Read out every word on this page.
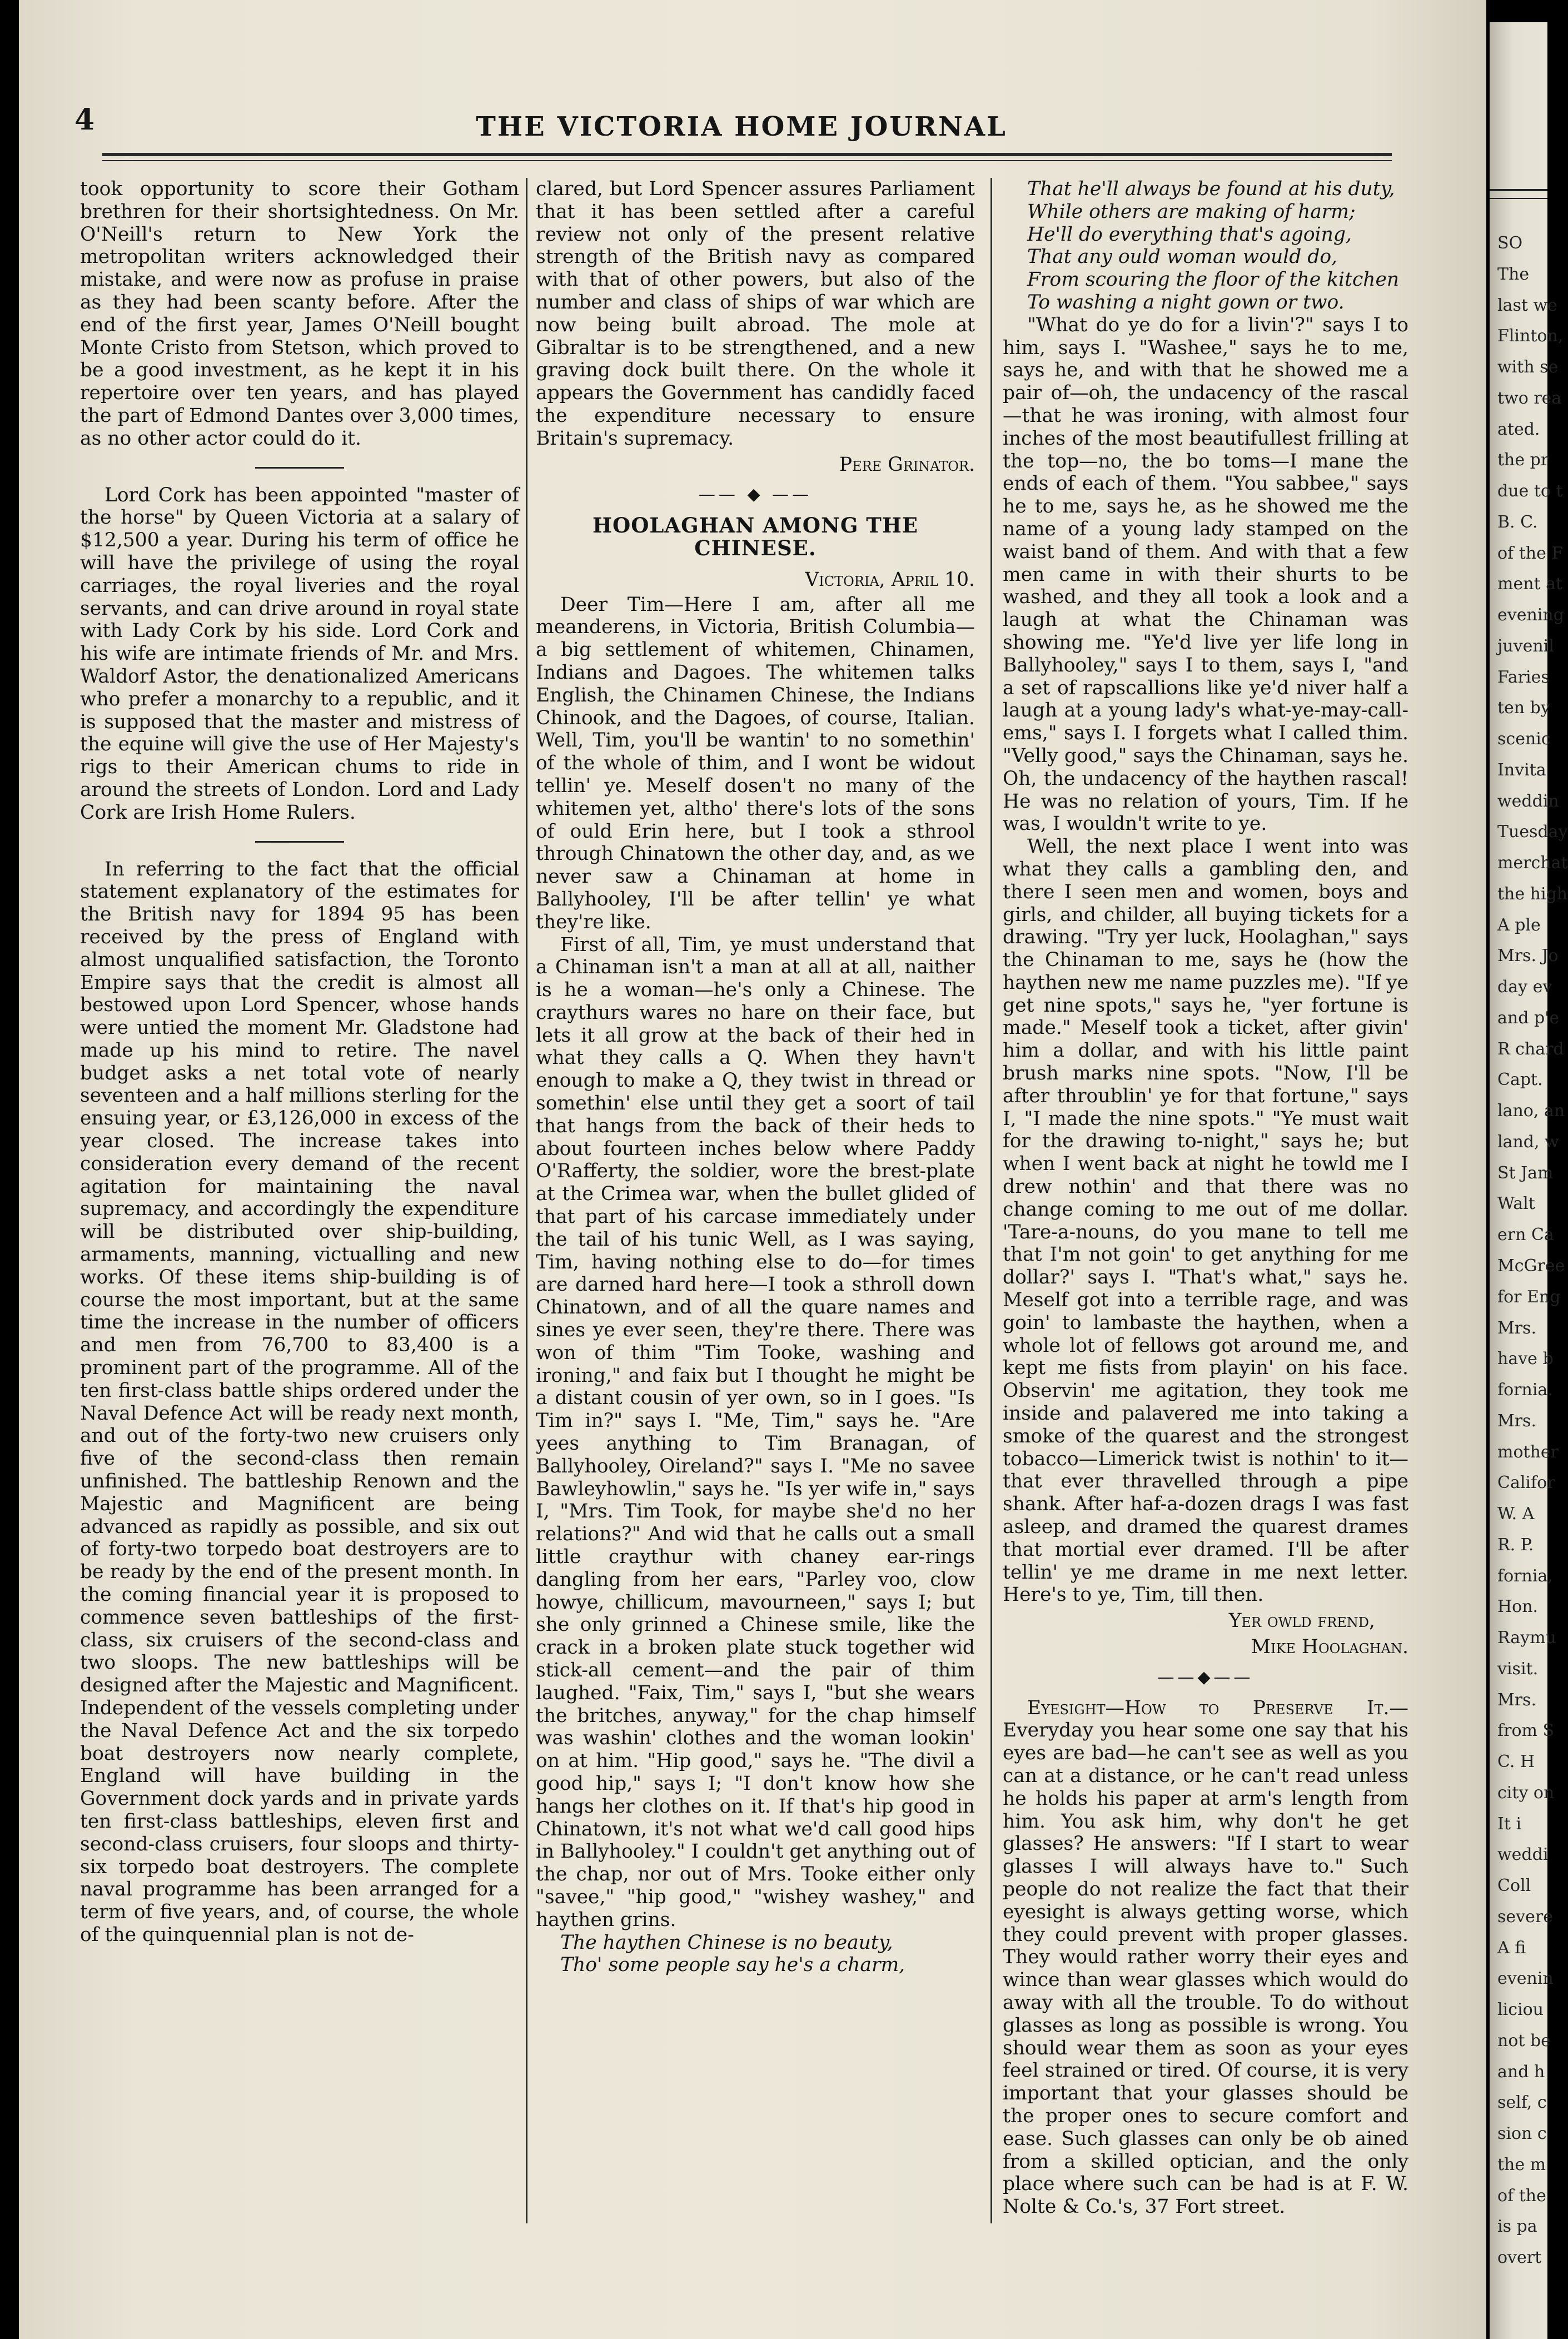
4	THE VICTORIA HOME JOURNAL

took opportunity to score their Gotham brethren for their shortsightedness. On Mr. O'Neill's return to New York the metropolitan writers acknowledged their mistake, and were now as profuse in praise as they had been scanty before. After the end of the first year, James O'Neill bought Monte Cristo from Stetson, which proved to be a good investment, as he kept it in his repertoire over ten years, and has played the part of Edmond Dantes over 3,000 times, as no other actor could do it.

Lord Cork has been appointed "master of the horse" by Queen Victoria at a salary of $12,500 a year. During his term of office he will have the privilege of using the royal carriages, the royal liveries and the royal servants, and can drive around in royal state with Lady Cork by his side. Lord Cork and his wife are intimate friends of Mr. and Mrs. Waldorf Astor, the denationalized Americans who prefer a monarchy to a republic, and it is supposed that the master and mistress of the equine will give the use of Her Majesty's rigs to their American chums to ride in around the streets of London. Lord and Lady Cork are Irish Home Rulers.

In referring to the fact that the official statement explanatory of the estimates for the British navy for 1894 95 has been received by the press of England with almost unqualified satisfaction, the Toronto Empire says that the credit is almost all bestowed upon Lord Spencer, whose hands were untied the moment Mr. Gladstone had made up his mind to retire. The navel budget asks a net total vote of nearly seventeen and a half millions sterling for the ensuing year, or £3,126,000 in excess of the year closed. The increase takes into consideration every demand of the recent agitation for maintaining the naval supremacy, and accordingly the expenditure will be distributed over ship-building, armaments, manning, victualling and new works. Of these items ship-building is of course the most important, but at the same time the increase in the number of officers and men from 76,700 to 83,400 is a prominent part of the programme. All of the ten first-class battle ships ordered under the Naval Defence Act will be ready next month, and out of the forty-two new cruisers only five of the second-class then remain unfinished. The battleship Renown and the Majestic and Magnificent are being advanced as rapidly as possible, and six out of forty-two torpedo boat destroyers are to be ready by the end of the present month. In the coming financial year it is proposed to commence seven battleships of the first-class, six cruisers of the second-class and two sloops. The new battleships will be designed after the Majestic and Magnificent. Independent of the vessels completing under the Naval Defence Act and the six torpedo boat destroyers now nearly complete, England will have building in the Government dock yards and in private yards ten first-class battleships, eleven first and second-class cruisers, four sloops and thirty-six torpedo boat destroyers. The complete naval programme has been arranged for a term of five years, and, of course, the whole of the quinquennial plan is not de-

clared, but Lord Spencer assures Parliament that it has been settled after a careful review not only of the present relative strength of the British navy as compared with that of other powers, but also of the number and class of ships of war which are now being built abroad. The mole at Gibraltar is to be strengthened, and a new graving dock built there. On the whole it appears the Government has candidly faced the expenditure necessary to ensure Britain's supremacy.

Pere Grinator.
—— ◆ ——
HOOLAGHAN AMONG THE CHINESE.
Victoria, April 10.

Deer Tim—Here I am, after all me meanderens, in Victoria, British Columbia—a big settlement of whitemen, Chinamen, Indians and Dagoes. The whitemen talks English, the Chinamen Chinese, the Indians Chinook, and the Dagoes, of course, Italian. Well, Tim, you'll be wantin' to no somethin' of the whole of thim, and I wont be widout tellin' ye. Meself dosen't no many of the whitemen yet, altho' there's lots of the sons of ould Erin here, but I took a sthrool through Chinatown the other day, and, as we never saw a Chinaman at home in Ballyhooley, I'll be after tellin' ye what they're like.

First of all, Tim, ye must understand that a Chinaman isn't a man at all at all, naither is he a woman—he's only a Chinese. The craythurs wares no hare on their face, but lets it all grow at the back of their hed in what they calls a Q. When they havn't enough to make a Q, they twist in thread or somethin' else until they get a soort of tail that hangs from the back of their heds to about fourteen inches below where Paddy O'Rafferty, the soldier, wore the brest-plate at the Crimea war, when the bullet glided of that part of his carcase immediately under the tail of his tunic Well, as I was saying, Tim, having nothing else to do—for times are darned hard here—I took a sthroll down Chinatown, and of all the quare names and sines ye ever seen, they're there. There was won of thim "Tim Tooke, washing and ironing," and faix but I thought he might be a distant cousin of yer own, so in I goes. "Is Tim in?" says I. "Me, Tim," says he. "Are yees anything to Tim Branagan, of Ballyhooley, Oireland?" says I. "Me no savee Bawleyhowlin," says he. "Is yer wife in," says I, "Mrs. Tim Took, for maybe she'd no her relations?" And wid that he calls out a small little craythur with chaney ear-rings dangling from her ears, "Parley voo, clow howye, chillicum, mavourneen," says I; but she only grinned a Chinese smile, like the crack in a broken plate stuck together wid stick-all cement—and the pair of thim laughed. "Faix, Tim," says I, "but she wears the britches, anyway," for the chap himself was washin' clothes and the woman lookin' on at him. "Hip good," says he. "The divil a good hip," says I; "I don't know how she hangs her clothes on it. If that's hip good in Chinatown, it's not what we'd call good hips in Ballyhooley." I couldn't get anything out of the chap, nor out of Mrs. Tooke either only "savee," "hip good," "wishey washey," and haythen grins.

The haythen Chinese is no beauty,

Tho' some people say he's a charm,

That he'll always be found at his duty,

While others are making of harm;

He'll do everything that's agoing,

That any ould woman would do,

From scouring the floor of the kitchen

To washing a night gown or two.

"What do ye do for a livin'?" says I to him, says I. "Washee," says he to me, says he, and with that he showed me a pair of—oh, the undacency of the rascal—that he was ironing, with almost four inches of the most beautifullest frilling at the top—no, the bo toms—I mane the ends of each of them. "You sabbee," says he to me, says he, as he showed me the name of a young lady stamped on the waist band of them. And with that a few men came in with their shurts to be washed, and they all took a look and a laugh at what the Chinaman was showing me. "Ye'd live yer life long in Ballyhooley," says I to them, says I, "and a set of rapscallions like ye'd niver half a laugh at a young lady's what-ye-may-call-ems," says I. I forgets what I called thim. "Velly good," says the Chinaman, says he. Oh, the undacency of the haythen rascal! He was no relation of yours, Tim. If he was, I wouldn't write to ye.

Well, the next place I went into was what they calls a gambling den, and there I seen men and women, boys and girls, and childer, all buying tickets for a drawing. "Try yer luck, Hoolaghan," says the Chinaman to me, says he (how the haythen new me name puzzles me). "If ye get nine spots," says he, "yer fortune is made." Meself took a ticket, after givin' him a dollar, and with his little paint brush marks nine spots. "Now, I'll be after throublin' ye for that fortune," says I, "I made the nine spots." "Ye must wait for the drawing to-night," says he; but when I went back at night he towld me I drew nothin' and that there was no change coming to me out of me dollar. 'Tare-a-nouns, do you mane to tell me that I'm not goin' to get anything for me dollar?' says I. "That's what," says he. Meself got into a terrible rage, and was goin' to lambaste the haythen, when a whole lot of fellows got around me, and kept me fists from playin' on his face. Observin' me agitation, they took me inside and palavered me into taking a smoke of the quarest and the strongest tobacco—Limerick twist is nothin' to it—that ever thravelled through a pipe shank. After haf-a-dozen drags I was fast asleep, and dramed the quarest drames that mortial ever dramed. I'll be after tellin' ye me drame in me next letter. Here's to ye, Tim, till then.

Yer owld frend,
Mike Hoolaghan.
——◆——

Eyesight—How to Preserve It.—Everyday you hear some one say that his eyes are bad—he can't see as well as you can at a distance, or he can't read unless he holds his paper at arm's length from him. You ask him, why don't he get glasses? He answers: "If I start to wear glasses I will always have to." Such people do not realize the fact that their eyesight is always getting worse, which they could prevent with proper glasses. They would rather worry their eyes and wince than wear glasses which would do away with all the trouble. To do without glasses as long as possible is wrong. You should wear them as soon as your eyes feel strained or tired. Of course, it is very important that your glasses should be the proper ones to secure comfort and ease. Such glasses can only be ob ained from a skilled optician, and the only place where such can be had is at F. W. Nolte & Co.'s, 37 Fort street.

SO
The
last we
Flinton,
with se
two rea
ated.
the pr
due to t
B. C.
of the F
ment at
evening
juvenil
Faries
ten by
scenic
Invita
weddin
Tuesday
merchat
the high
A ple
Mrs. Jo
day ev
and p'e
R chard
Capt.
lano, an
land, w
St Jam
Walt
ern Ca
McGree
for Eng
Mrs.
have b
fornia.
Mrs.
mother
Califor
W. A
R. P.
fornia,
Hon.
Raymu
visit.
Mrs.
from S
C. H
city on
It i
weddi
Coll
severe
A fi
evenin
liciou
not be
and h
self, c
sion c
the m
of the
is pa
overt
